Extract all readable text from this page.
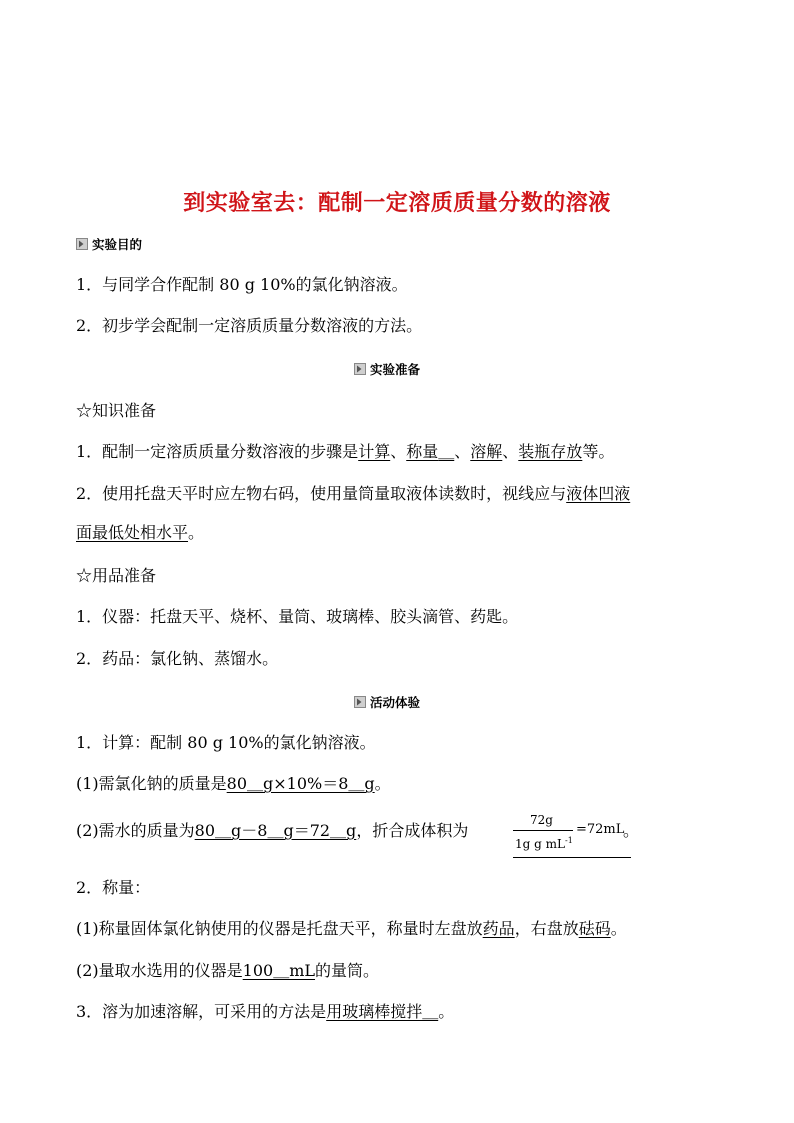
到实验室去：配制一定溶质质量分数的溶液
实验目的
1．与同学合作配制 80 g 10%的氯化钠溶液。
2．初步学会配制一定溶质质量分数溶液的方法。
实验准备
☆知识准备
1．配制一定溶质质量分数溶液的步骤是计算、称量＿、溶解、装瓶存放等。
2．使用托盘天平时应左物右码，使用量筒量取液体读数时，视线应与液体凹液
面最低处相水平。
☆用品准备
1．仪器：托盘天平、烧杯、量筒、玻璃棒、胶头滴管、药匙。
2．药品：氯化钠、蒸馏水。
活动体验
1．计算：配制 80 g 10%的氯化钠溶液。
(1)需氯化钠的质量是80＿g×10%＝8＿g。
(2)需水的质量为80＿g－8＿g＝72＿g，折合成体积为
72g
1g g $mL^{-1}$
=72mL
。
2．称量：
(1)称量固体氯化钠使用的仪器是托盘天平，称量时左盘放药品，右盘放砝码。
(2)量取水选用的仪器是100＿mL的量筒。
3．溶为加速溶解，可采用的方法是用玻璃棒搅拌＿。
